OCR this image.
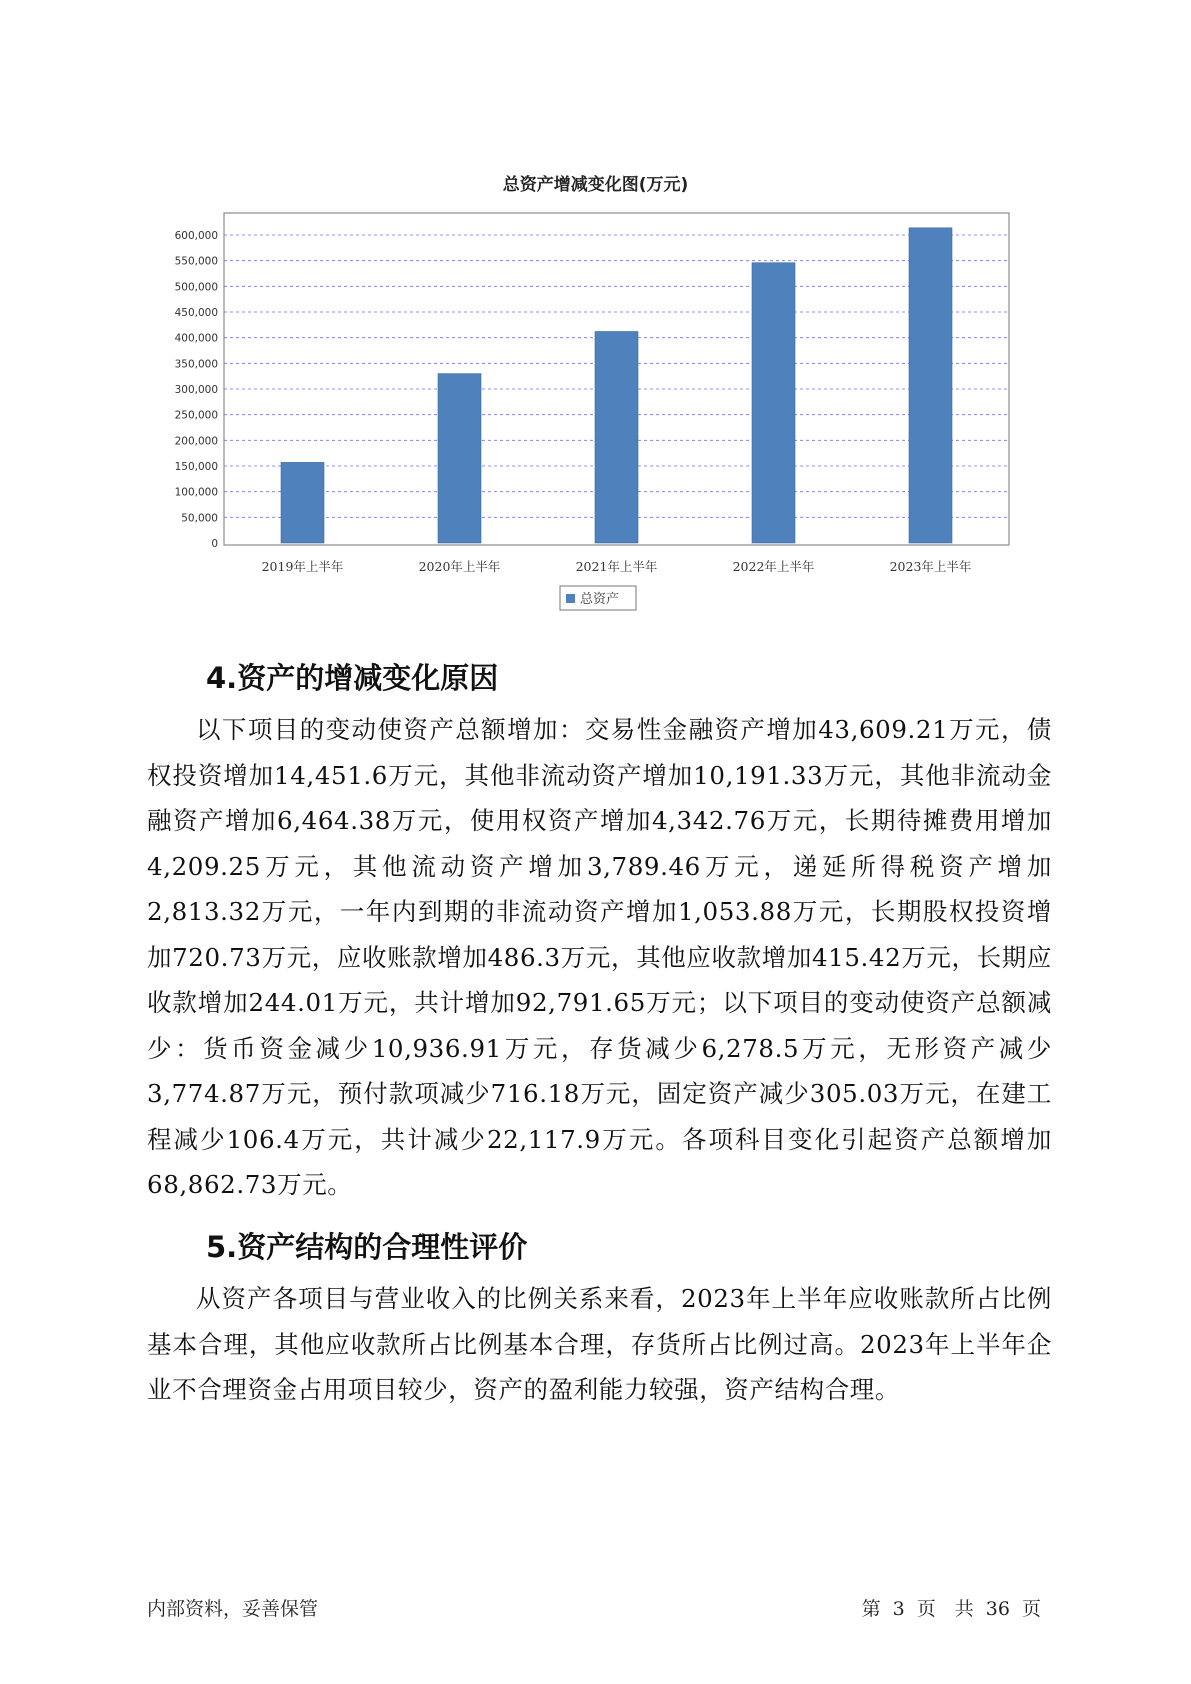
总资产增减变化图(万元)
0
50,000
100,000
150,000
200,000
250,000
300,000
350,000
400,000
450,000
500,000
550,000
600,000
2019年上半年	2020年上半年	2021年上半年	2022年上半年	2023年上半年
总资产
4.资产的增减变化原因

以下项目的变动使资产总额增加：交易性金融资产增加43,609.21万元，债权投资增加14,451.6万元，其他非流动资产增加10,191.33万元，其他非流动金融资产增加6,464.38万元，使用权资产增加4,342.76万元，长期待摊费用增加4,209.25万元，其他流动资产增加3,789.46万元，递延所得税资产增加2,813.32万元，一年内到期的非流动资产增加1,053.88万元，长期股权投资增加720.73万元，应收账款增加486.3万元，其他应收款增加415.42万元，长期应收款增加244.01万元，共计增加92,791.65万元；以下项目的变动使资产总额减少：货币资金减少10,936.91万元，存货减少6,278.5万元，无形资产减少3,774.87万元，预付款项减少716.18万元，固定资产减少305.03万元，在建工程减少106.4万元，共计减少22,117.9万元。各项科目变化引起资产总额增加68,862.73万元。

5.资产结构的合理性评价

从资产各项目与营业收入的比例关系来看，2023年上半年应收账款所占比例基本合理，其他应收款所占比例基本合理，存货所占比例过高。2023年上半年企业不合理资金占用项目较少，资产的盈利能力较强，资产结构合理。

内部资料，妥善保管	第 3 页　共 36 页
